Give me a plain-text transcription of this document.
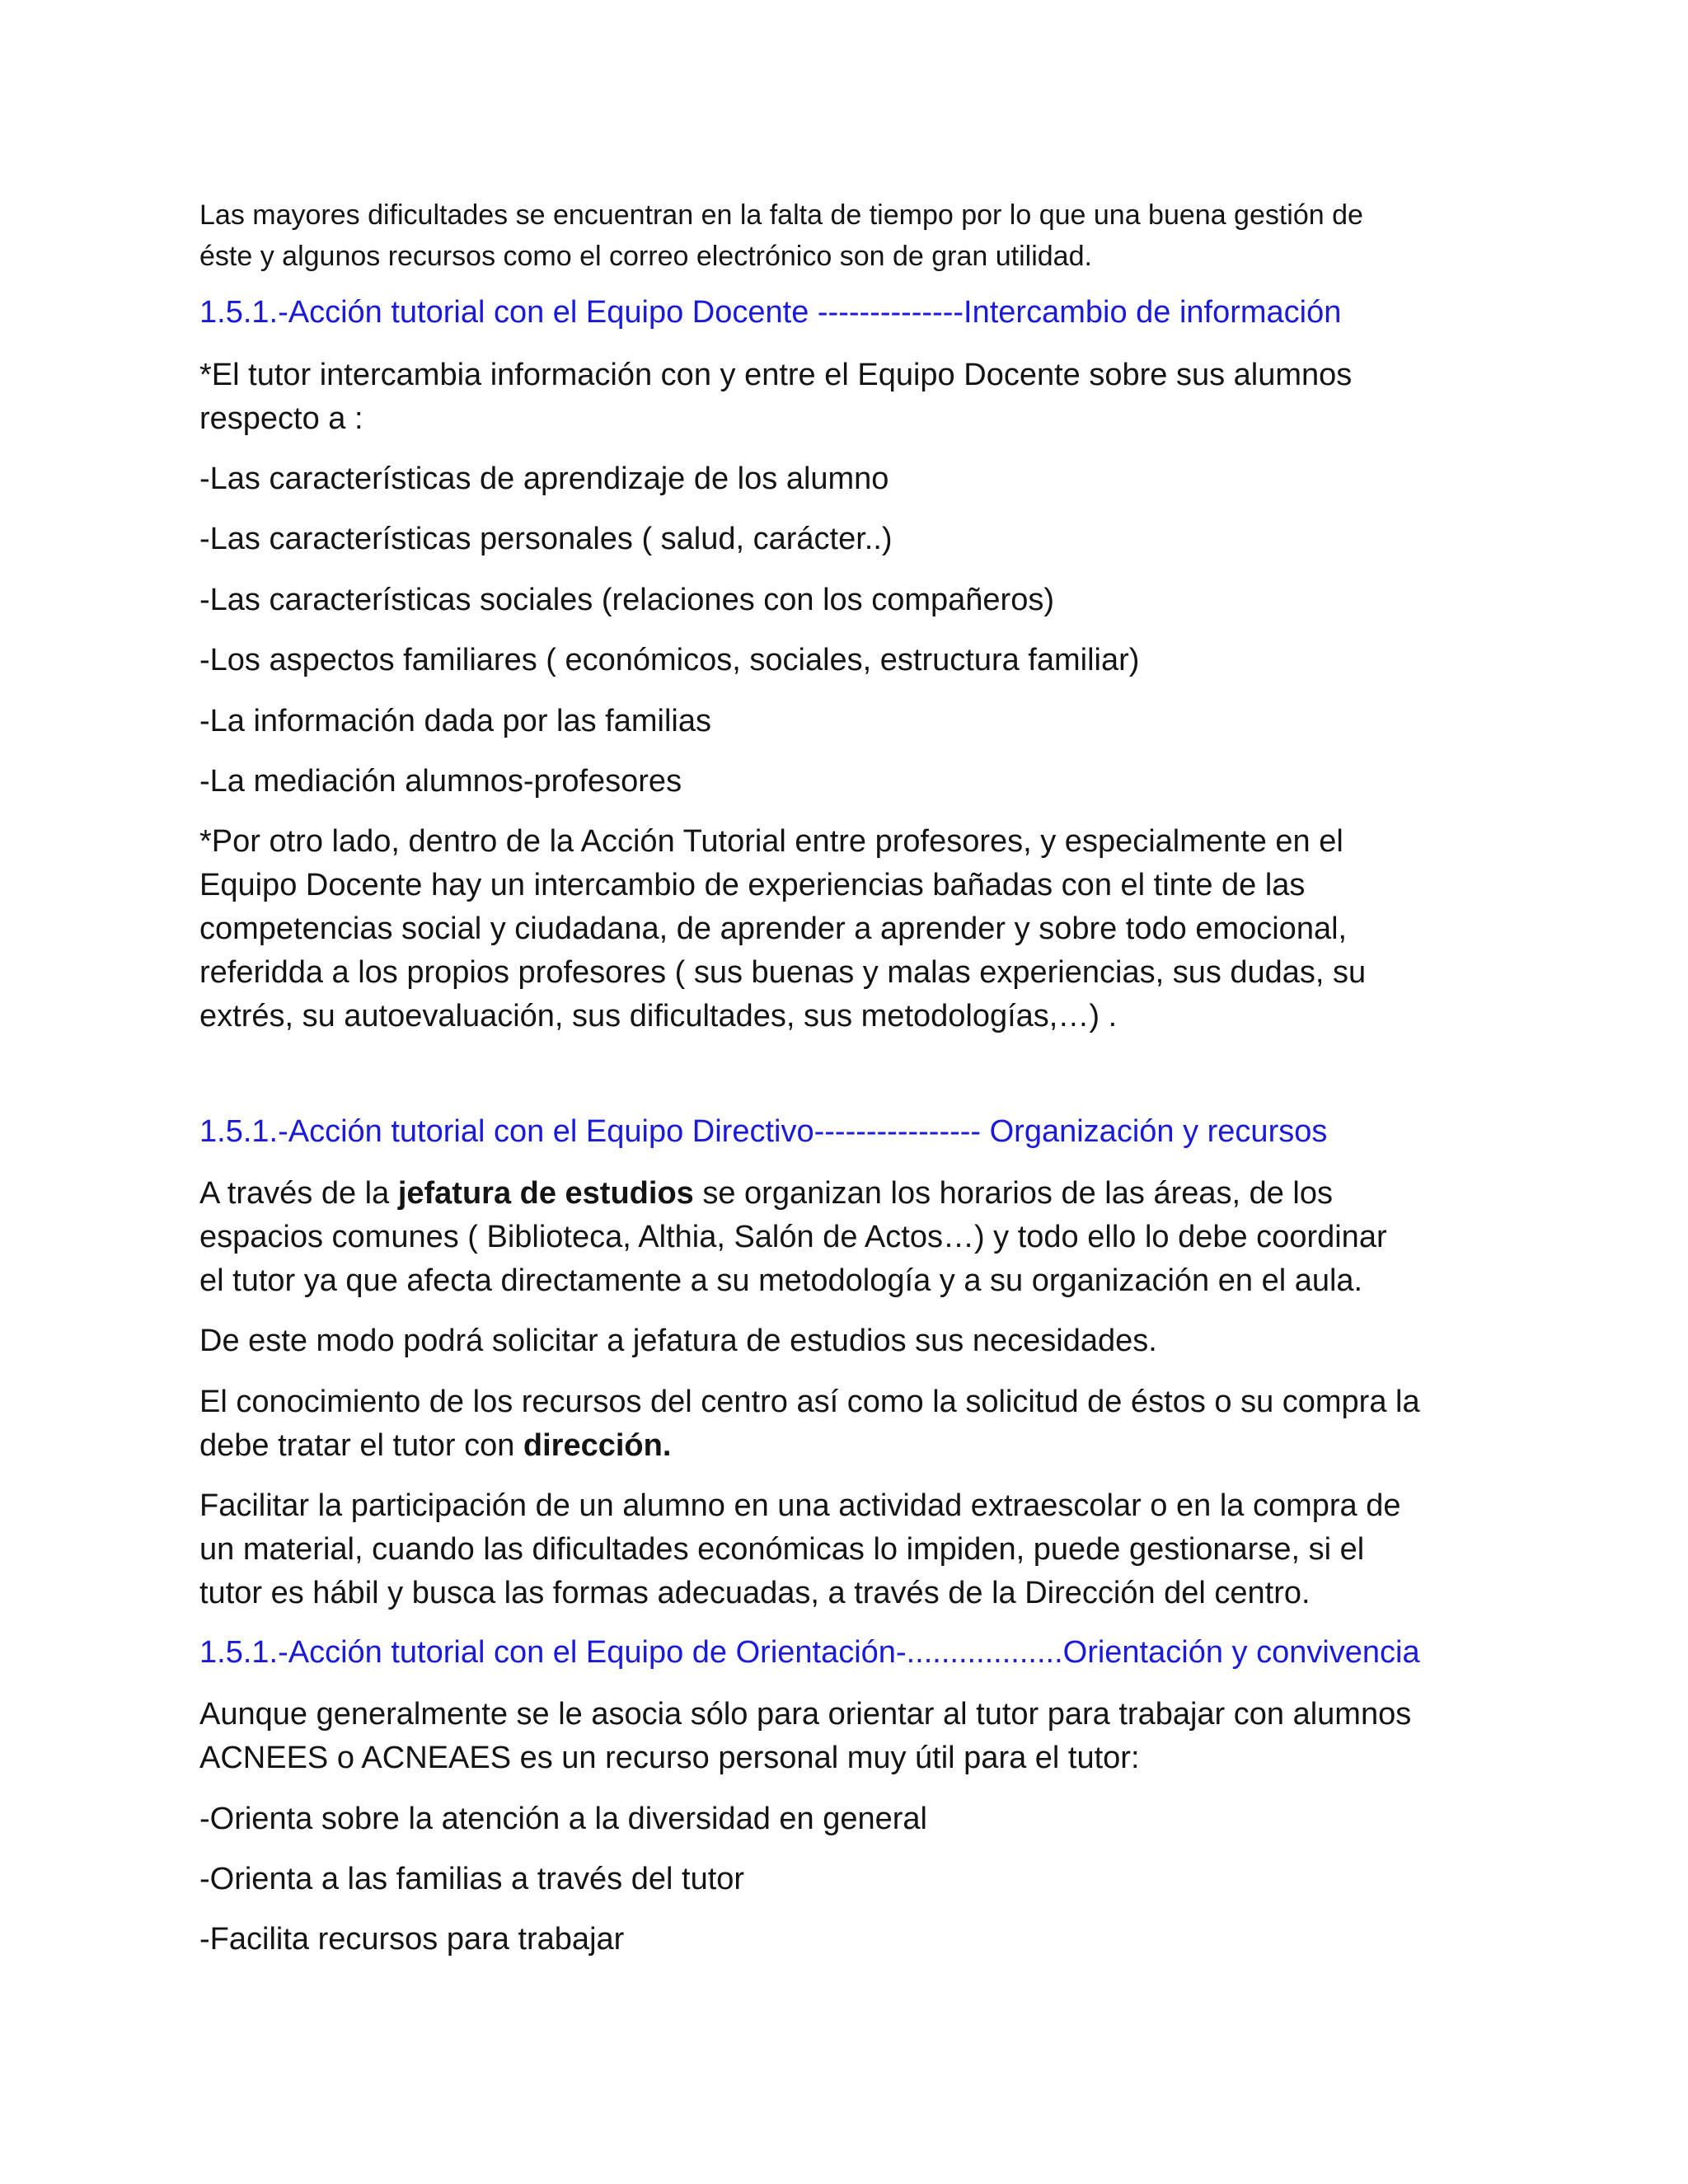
Las mayores dificultades se encuentran en la falta de tiempo por lo que una buena gestión de
éste y algunos recursos como el correo electrónico son de gran utilidad.

1.5.1.-Acción tutorial con el Equipo Docente --------------Intercambio de información

*El tutor intercambia información con y entre el Equipo Docente sobre sus alumnos
respecto a :

-Las características de aprendizaje de los alumno

-Las características personales ( salud, carácter..)

-Las características sociales (relaciones con los compañeros)

-Los aspectos familiares ( económicos, sociales, estructura familiar)

-La información dada por las familias

-La mediación alumnos-profesores

*Por otro lado, dentro de la Acción Tutorial entre profesores, y especialmente en el
Equipo Docente hay un intercambio de experiencias bañadas con el tinte de las
competencias social y ciudadana, de aprender a aprender y sobre todo emocional,
referidda a los propios profesores ( sus buenas y malas experiencias, sus dudas, su
extrés, su autoevaluación, sus dificultades, sus metodologías,…) .

1.5.1.-Acción tutorial con el Equipo Directivo---------------- Organización y recursos

A través de la jefatura de estudios se organizan los horarios de las áreas, de los
espacios comunes ( Biblioteca, Althia, Salón de Actos…) y todo ello lo debe coordinar
el tutor ya que afecta directamente a su metodología y a su organización en el aula.

De este modo podrá solicitar a jefatura de estudios sus necesidades.

El conocimiento de los recursos del centro así como la solicitud de éstos o su compra la
debe tratar el tutor con dirección.

Facilitar la participación de un alumno en una actividad extraescolar o en la compra de
un material, cuando las dificultades económicas lo impiden, puede gestionarse, si el
tutor es hábil y busca las formas adecuadas, a través de la Dirección del centro.

1.5.1.-Acción tutorial con el Equipo de Orientación-..................Orientación y convivencia

Aunque generalmente se le asocia sólo para orientar al tutor para trabajar con alumnos
ACNEES o ACNEAES es un recurso personal muy útil para el tutor:

-Orienta sobre la atención a la diversidad en general

-Orienta a las familias a través del tutor

-Facilita recursos para trabajar
